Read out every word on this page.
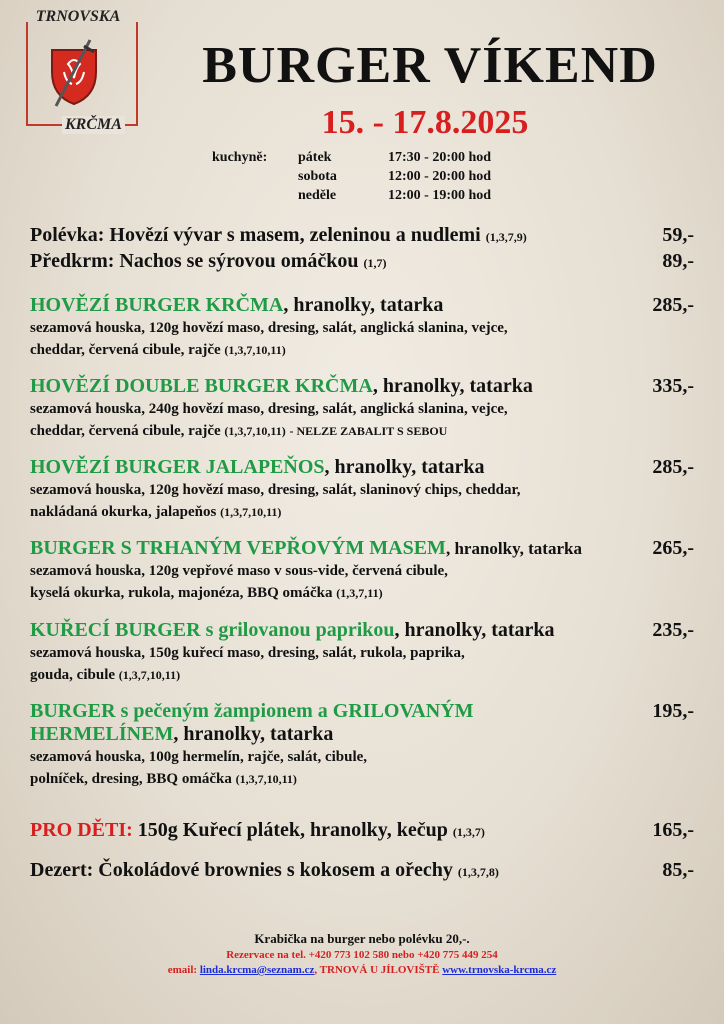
TRNOVSKA
KRČMA
BURGER VÍKEND
15. - 17.8.2025
kuchyně:	pátek	17:30 - 20:00 hod
sobota	12:00 - 20:00 hod
neděle	12:00 - 19:00 hod
Polévka: Hovězí vývar s masem, zeleninou a nudlemi (1,3,7,9)	59,-
Předkrm: Nachos se sýrovou omáčkou (1,7)	89,-
HOVĚZÍ BURGER KRČMA, hranolky, tatarka	285,-
sezamová houska, 120g hovězí maso, dresing, salát, anglická slanina, vejce,
cheddar, červená cibule, rajče (1,3,7,10,11)
HOVĚZÍ DOUBLE BURGER KRČMA, hranolky, tatarka	335,-
sezamová houska, 240g hovězí maso, dresing, salát, anglická slanina, vejce,
cheddar, červená cibule, rajče (1,3,7,10,11) - NELZE ZABALIT S SEBOU
HOVĚZÍ BURGER JALAPEŇOS, hranolky, tatarka	285,-
sezamová houska, 120g hovězí maso, dresing, salát, slaninový chips, cheddar,
nakládaná okurka, jalapeňos (1,3,7,10,11)
BURGER S TRHANÝM VEPŘOVÝM MASEM, hranolky, tatarka	265,-
sezamová houska, 120g vepřové maso v sous-vide, červená cibule,
kyselá okurka, rukola, majonéza, BBQ omáčka (1,3,7,11)
KUŘECÍ BURGER s grilovanou paprikou, hranolky, tatarka	235,-
sezamová houska, 150g kuřecí maso, dresing, salát, rukola, paprika,
gouda, cibule (1,3,7,10,11)
BURGER s pečeným žampionem a GRILOVANÝM	195,-
HERMELÍNEM, hranolky, tatarka
sezamová houska, 100g hermelín, rajče, salát, cibule,
polníček, dresing, BBQ omáčka (1,3,7,10,11)
PRO DĚTI: 150g Kuřecí plátek, hranolky, kečup (1,3,7)	165,-
Dezert: Čokoládové brownies s kokosem a ořechy (1,3,7,8)	85,-
Krabička na burger nebo polévku 20,-.
Rezervace na tel. +420 773 102 580 nebo +420 775 449 254
email: linda.krcma@seznam.cz, TRNOVÁ U JÍLOVIŠTĚ www.trnovska-krcma.cz
